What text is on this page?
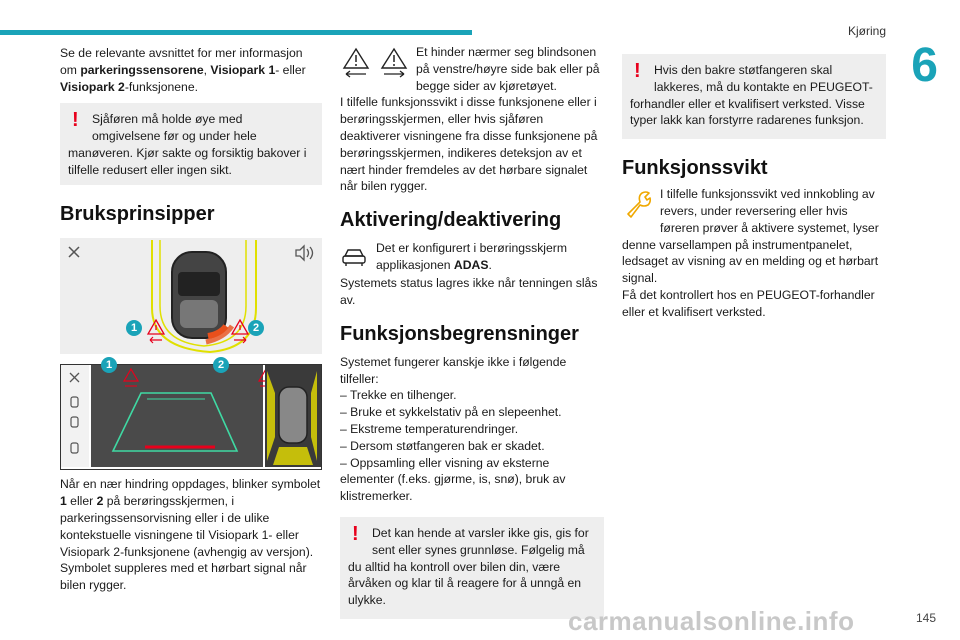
Kjøring
6

Se de relevante avsnittet for mer informasjon om parkeringssensorene, Visiopark 1- eller Visiopark 2-funksjonene.

!	Sjåføren må holde øye med omgivelsene før og under hele manøveren. Kjør sakte og forsiktig bakover i tilfelle redusert eller ingen sikt.

Bruksprinsipper
1	2
1	2

Når en nær hindring oppdages, blinker symbolet 1 eller 2 på berøringsskjermen, i parkeringssensorvisning eller i de ulike kontekstuelle visningene til Visiopark 1- eller Visiopark 2-funksjonene (avhengig av versjon). Symbolet suppleres med et hørbart signal når bilen rygger.

Et hinder nærmer seg blindsonen på venstre/høyre side bak eller på begge sider av kjøretøyet.

I tilfelle funksjonssvikt i disse funksjonene eller i berøringsskjermen, eller hvis sjåføren deaktiverer visningene fra disse funksjonene på berøringsskjermen, indikeres deteksjon av et nært hinder fremdeles av det hørbare signalet når bilen rygger.

Aktivering/deaktivering

Det er konfigurert i berøringsskjerm applikasjonen ADAS.

Systemets status lagres ikke når tenningen slås av.

Funksjonsbegrensninger

Systemet fungerer kanskje ikke i følgende tilfeller:

– Trekke en tilhenger.

– Bruke et sykkelstativ på en slepeenhet.

– Ekstreme temperaturendringer.

– Dersom støtfangeren bak er skadet.

– Oppsamling eller visning av eksterne elementer (f.eks. gjørme, is, snø), bruk av klistremerker.

!	Det kan hende at varsler ikke gis, gis for sent eller synes grunnløse. Følgelig må du alltid ha kontroll over bilen din, være årvåken og klar til å reagere for å unngå en ulykke.

!	Hvis den bakre støtfangeren skal lakkeres, må du kontakte en PEUGEOT-forhandler eller et kvalifisert verksted. Visse typer lakk kan forstyrre radarenes funksjon.

Funksjonssvikt

I tilfelle funksjonssvikt ved innkobling av revers, under reversering eller hvis føreren prøver å aktivere systemet, lyser denne varsellampen på instrumentpanelet, ledsaget av visning av en melding og et hørbart signal.

Få det kontrollert hos en PEUGEOT-forhandler eller et kvalifisert verksted.

carmanualsonline.info	145
